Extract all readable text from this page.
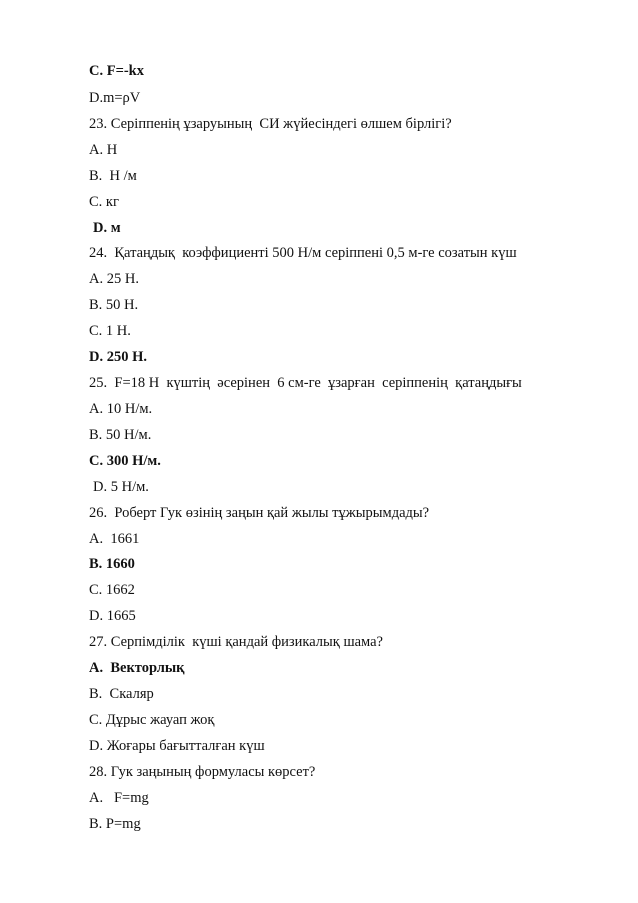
C. F=-kx
D.m=ρV
23. Серіппенің ұзаруының  СИ жүйесіндегі өлшем бірлігі?
А. Н
В.  Н /м
С. кг
D. м
24.  Қатаңдық  коэффициенті 500 Н/м серіппені 0,5 м-ге созатын күш
А. 25 Н.
В. 50 Н.
С. 1 Н.
D. 250 Н.
25.  F=18 Н  күштің  әсерінен  6 см-ге  ұзарған  серіппенің  қатаңдығы
А. 10 Н/м.
В. 50 Н/м.
С. 300 Н/м.
D. 5 Н/м.
26.  Роберт Гук өзінің заңын қай жылы тұжырымдады?
А.  1661
В. 1660
С. 1662
D. 1665
27. Серпімділік  күші қандай физикалық шама?
А.  Векторлық
В.  Скаляр
С. Дұрыс жауап жоқ
D. Жоғары бағытталған күш
28. Гук заңының формуласы көрсет?
А.   F=mg
В. Р=mg
